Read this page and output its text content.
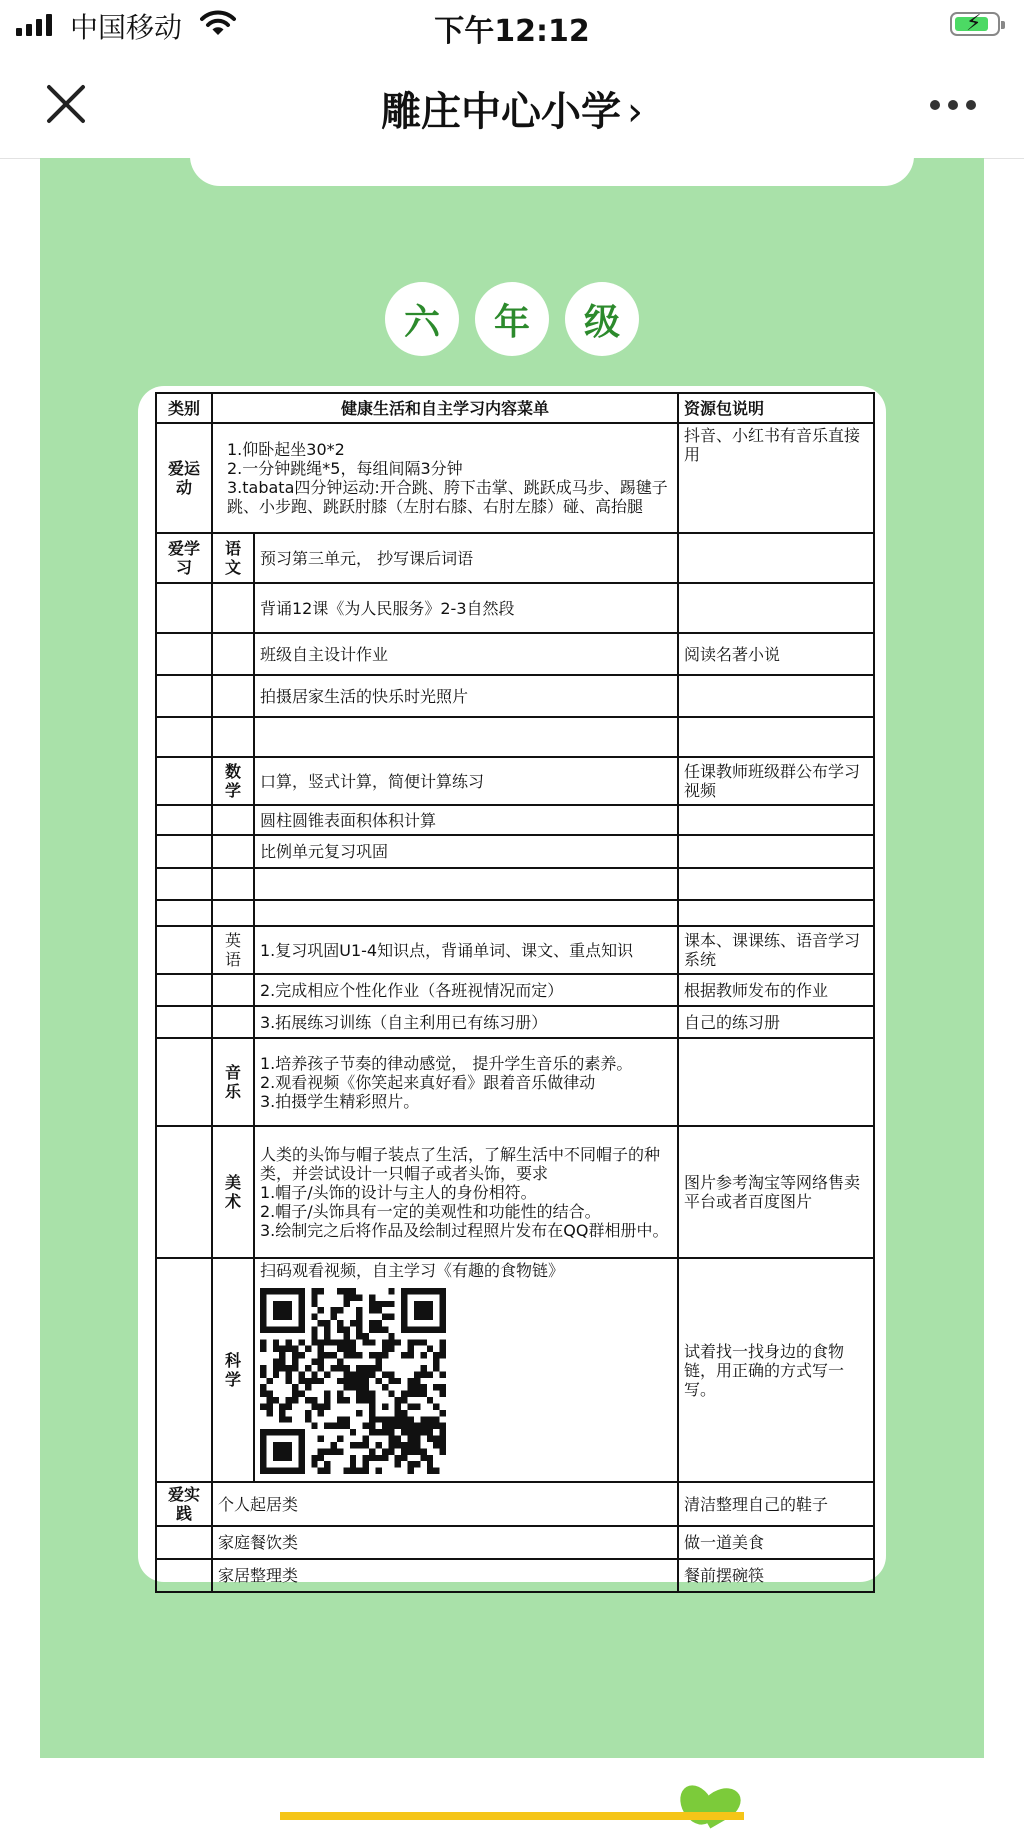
中国移动	下午12:12	⚡
雕庄中心小学 ›
六	年	级
类别	健康生活和自主学习内容菜单		资源包说明
爱运动	1.仰卧起坐30*2
2.一分钟跳绳*5，每组间隔3分钟
3.tabata四分钟运动:开合跳、胯下击掌、跳跃成马步、踢毽子跳、小步跑、跳跃肘膝（左肘右膝、右肘左膝）碰、高抬腿		抖音、小红书有音乐直接用
爱学习	语文	预习第三单元， 抄写课后词语	
		背诵12课《为人民服务》2-3自然段	
		班级自主设计作业	阅读名著小说
		拍摄居家生活的快乐时光照片	

	数学	口算，竖式计算，简便计算练习	任课教师班级群公布学习视频
		圆柱圆锥表面积体积计算	
		比例单元复习巩固	

	英语	1.复习巩固U1-4知识点，背诵单词、课文、重点知识	课本、课课练、语音学习系统
		2.完成相应个性化作业（各班视情况而定）	根据教师发布的作业
		3.拓展练习训练（自主利用已有练习册）	自己的练习册
	音乐	1.培养孩子节奏的律动感觉， 提升学生音乐的素养。
2.观看视频《你笑起来真好看》跟着音乐做律动
3.拍摄学生精彩照片。	

	美术	人类的头饰与帽子装点了生活，了解生活中不同帽子的种类，并尝试设计一只帽子或者头饰，要求
1.帽子/头饰的设计与主人的身份相符。
2.帽子/头饰具有一定的美观性和功能性的结合。
3.绘制完之后将作品及绘制过程照片发布在QQ群相册中。	图片参考淘宝等网络售卖平台或者百度图片
	科学	扫码观看视频，自主学习《有趣的食物链》	试着找一找身边的食物链，用正确的方式写一写。
爱实践	个人起居类		清洁整理自己的鞋子
	家庭餐饮类		做一道美食
	家居整理类		餐前摆碗筷
